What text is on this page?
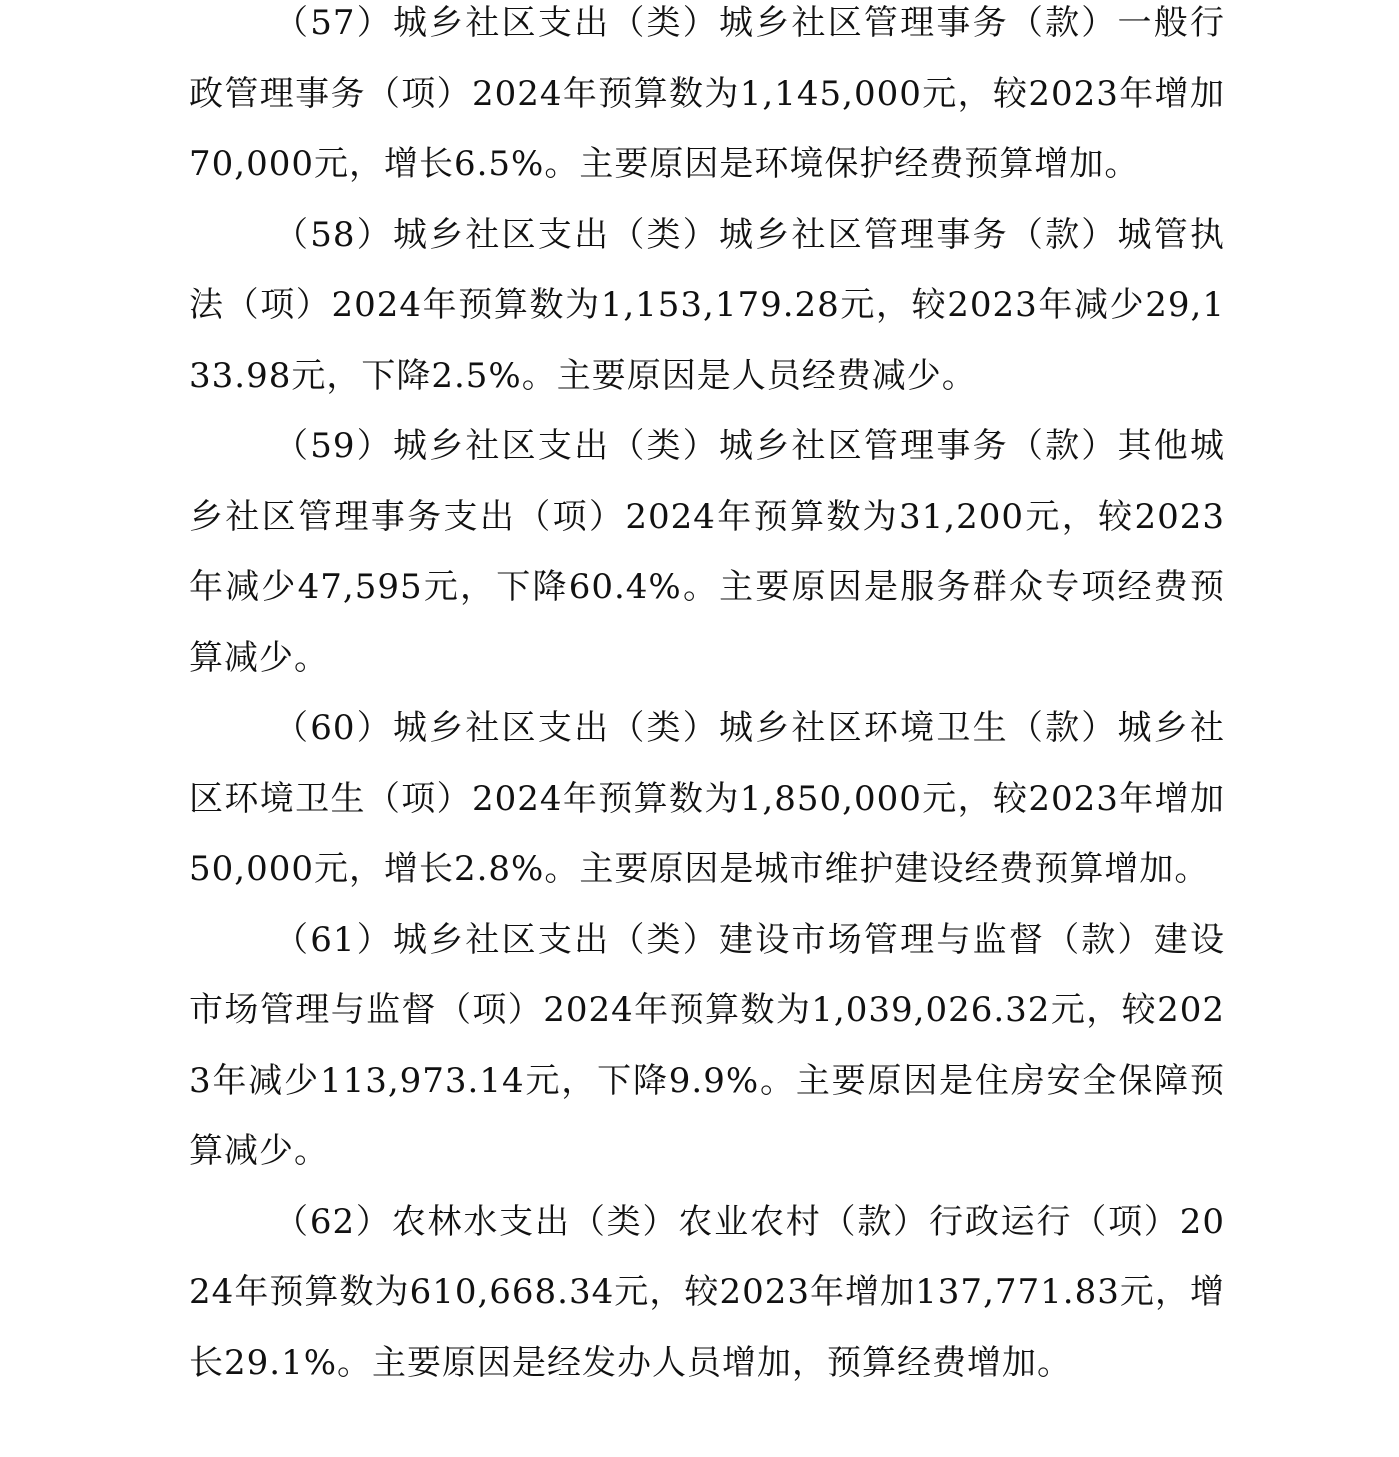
（57）城乡社区支出（类）城乡社区管理事务（款）一般行政管理事务（项）2024年预算数为1,145,000元，较2023年增加70,000元，增长6.5%。主要原因是环境保护经费预算增加。

（58）城乡社区支出（类）城乡社区管理事务（款）城管执法（项）2024年预算数为1,153,179.28元，较2023年减少29,133.98元，下降2.5%。主要原因是人员经费减少。

（59）城乡社区支出（类）城乡社区管理事务（款）其他城乡社区管理事务支出（项）2024年预算数为31,200元，较2023年减少47,595元，下降60.4%。主要原因是服务群众专项经费预算减少。

（60）城乡社区支出（类）城乡社区环境卫生（款）城乡社区环境卫生（项）2024年预算数为1,850,000元，较2023年增加50,000元，增长2.8%。主要原因是城市维护建设经费预算增加。

（61）城乡社区支出（类）建设市场管理与监督（款）建设市场管理与监督（项）2024年预算数为1,039,026.32元，较2023年减少113,973.14元，下降9.9%。主要原因是住房安全保障预算减少。

（62）农林水支出（类）农业农村（款）行政运行（项）2024年预算数为610,668.34元，较2023年增加137,771.83元，增长29.1%。主要原因是经发办人员增加，预算经费增加。
